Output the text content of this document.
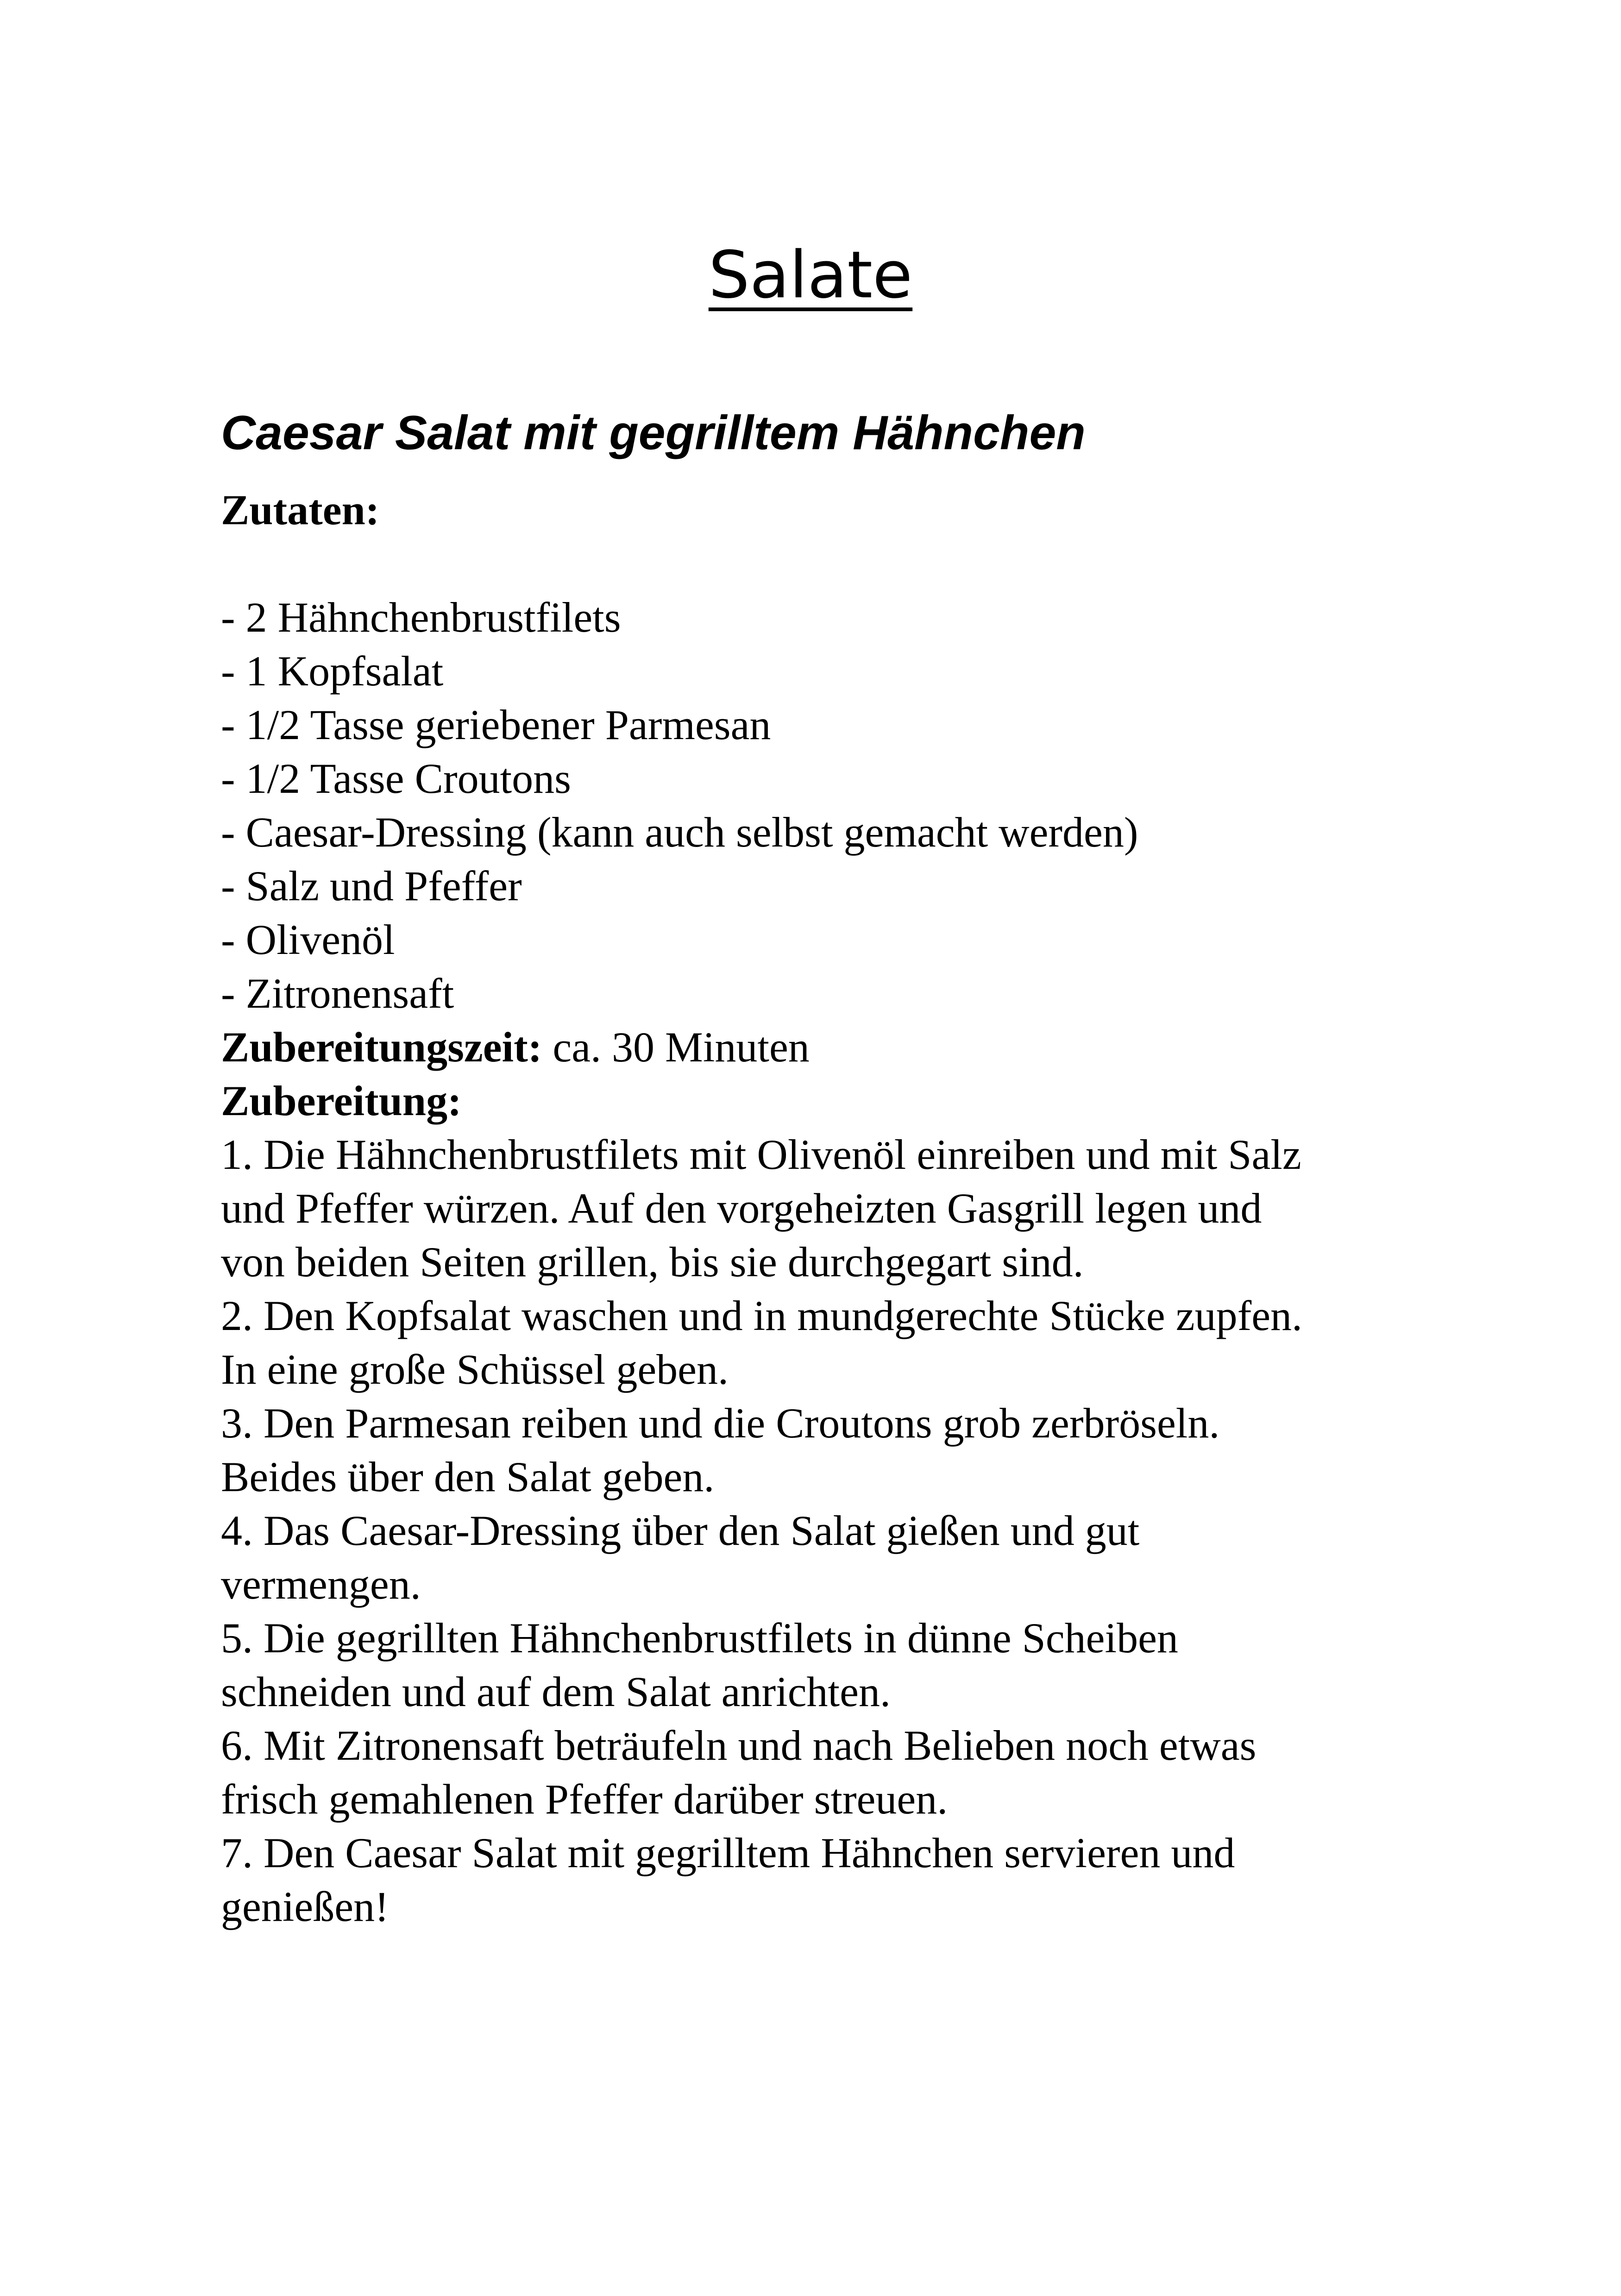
Salate
Caesar Salat mit gegrilltem Hähnchen
Zutaten:
- 2 Hähnchenbrustfilets
- 1 Kopfsalat
- 1/2 Tasse geriebener Parmesan
- 1/2 Tasse Croutons
- Caesar-Dressing (kann auch selbst gemacht werden)
- Salz und Pfeffer
- Olivenöl
- Zitronensaft
Zubereitungszeit: ca. 30 Minuten
Zubereitung:
1. Die Hähnchenbrustfilets mit Olivenöl einreiben und mit Salz
und Pfeffer würzen. Auf den vorgeheizten Gasgrill legen und
von beiden Seiten grillen, bis sie durchgegart sind.
2. Den Kopfsalat waschen und in mundgerechte Stücke zupfen.
In eine große Schüssel geben.
3. Den Parmesan reiben und die Croutons grob zerbröseln.
Beides über den Salat geben.
4. Das Caesar-Dressing über den Salat gießen und gut
vermengen.
5. Die gegrillten Hähnchenbrustfilets in dünne Scheiben
schneiden und auf dem Salat anrichten.
6. Mit Zitronensaft beträufeln und nach Belieben noch etwas
frisch gemahlenen Pfeffer darüber streuen.
7. Den Caesar Salat mit gegrilltem Hähnchen servieren und
genießen!
